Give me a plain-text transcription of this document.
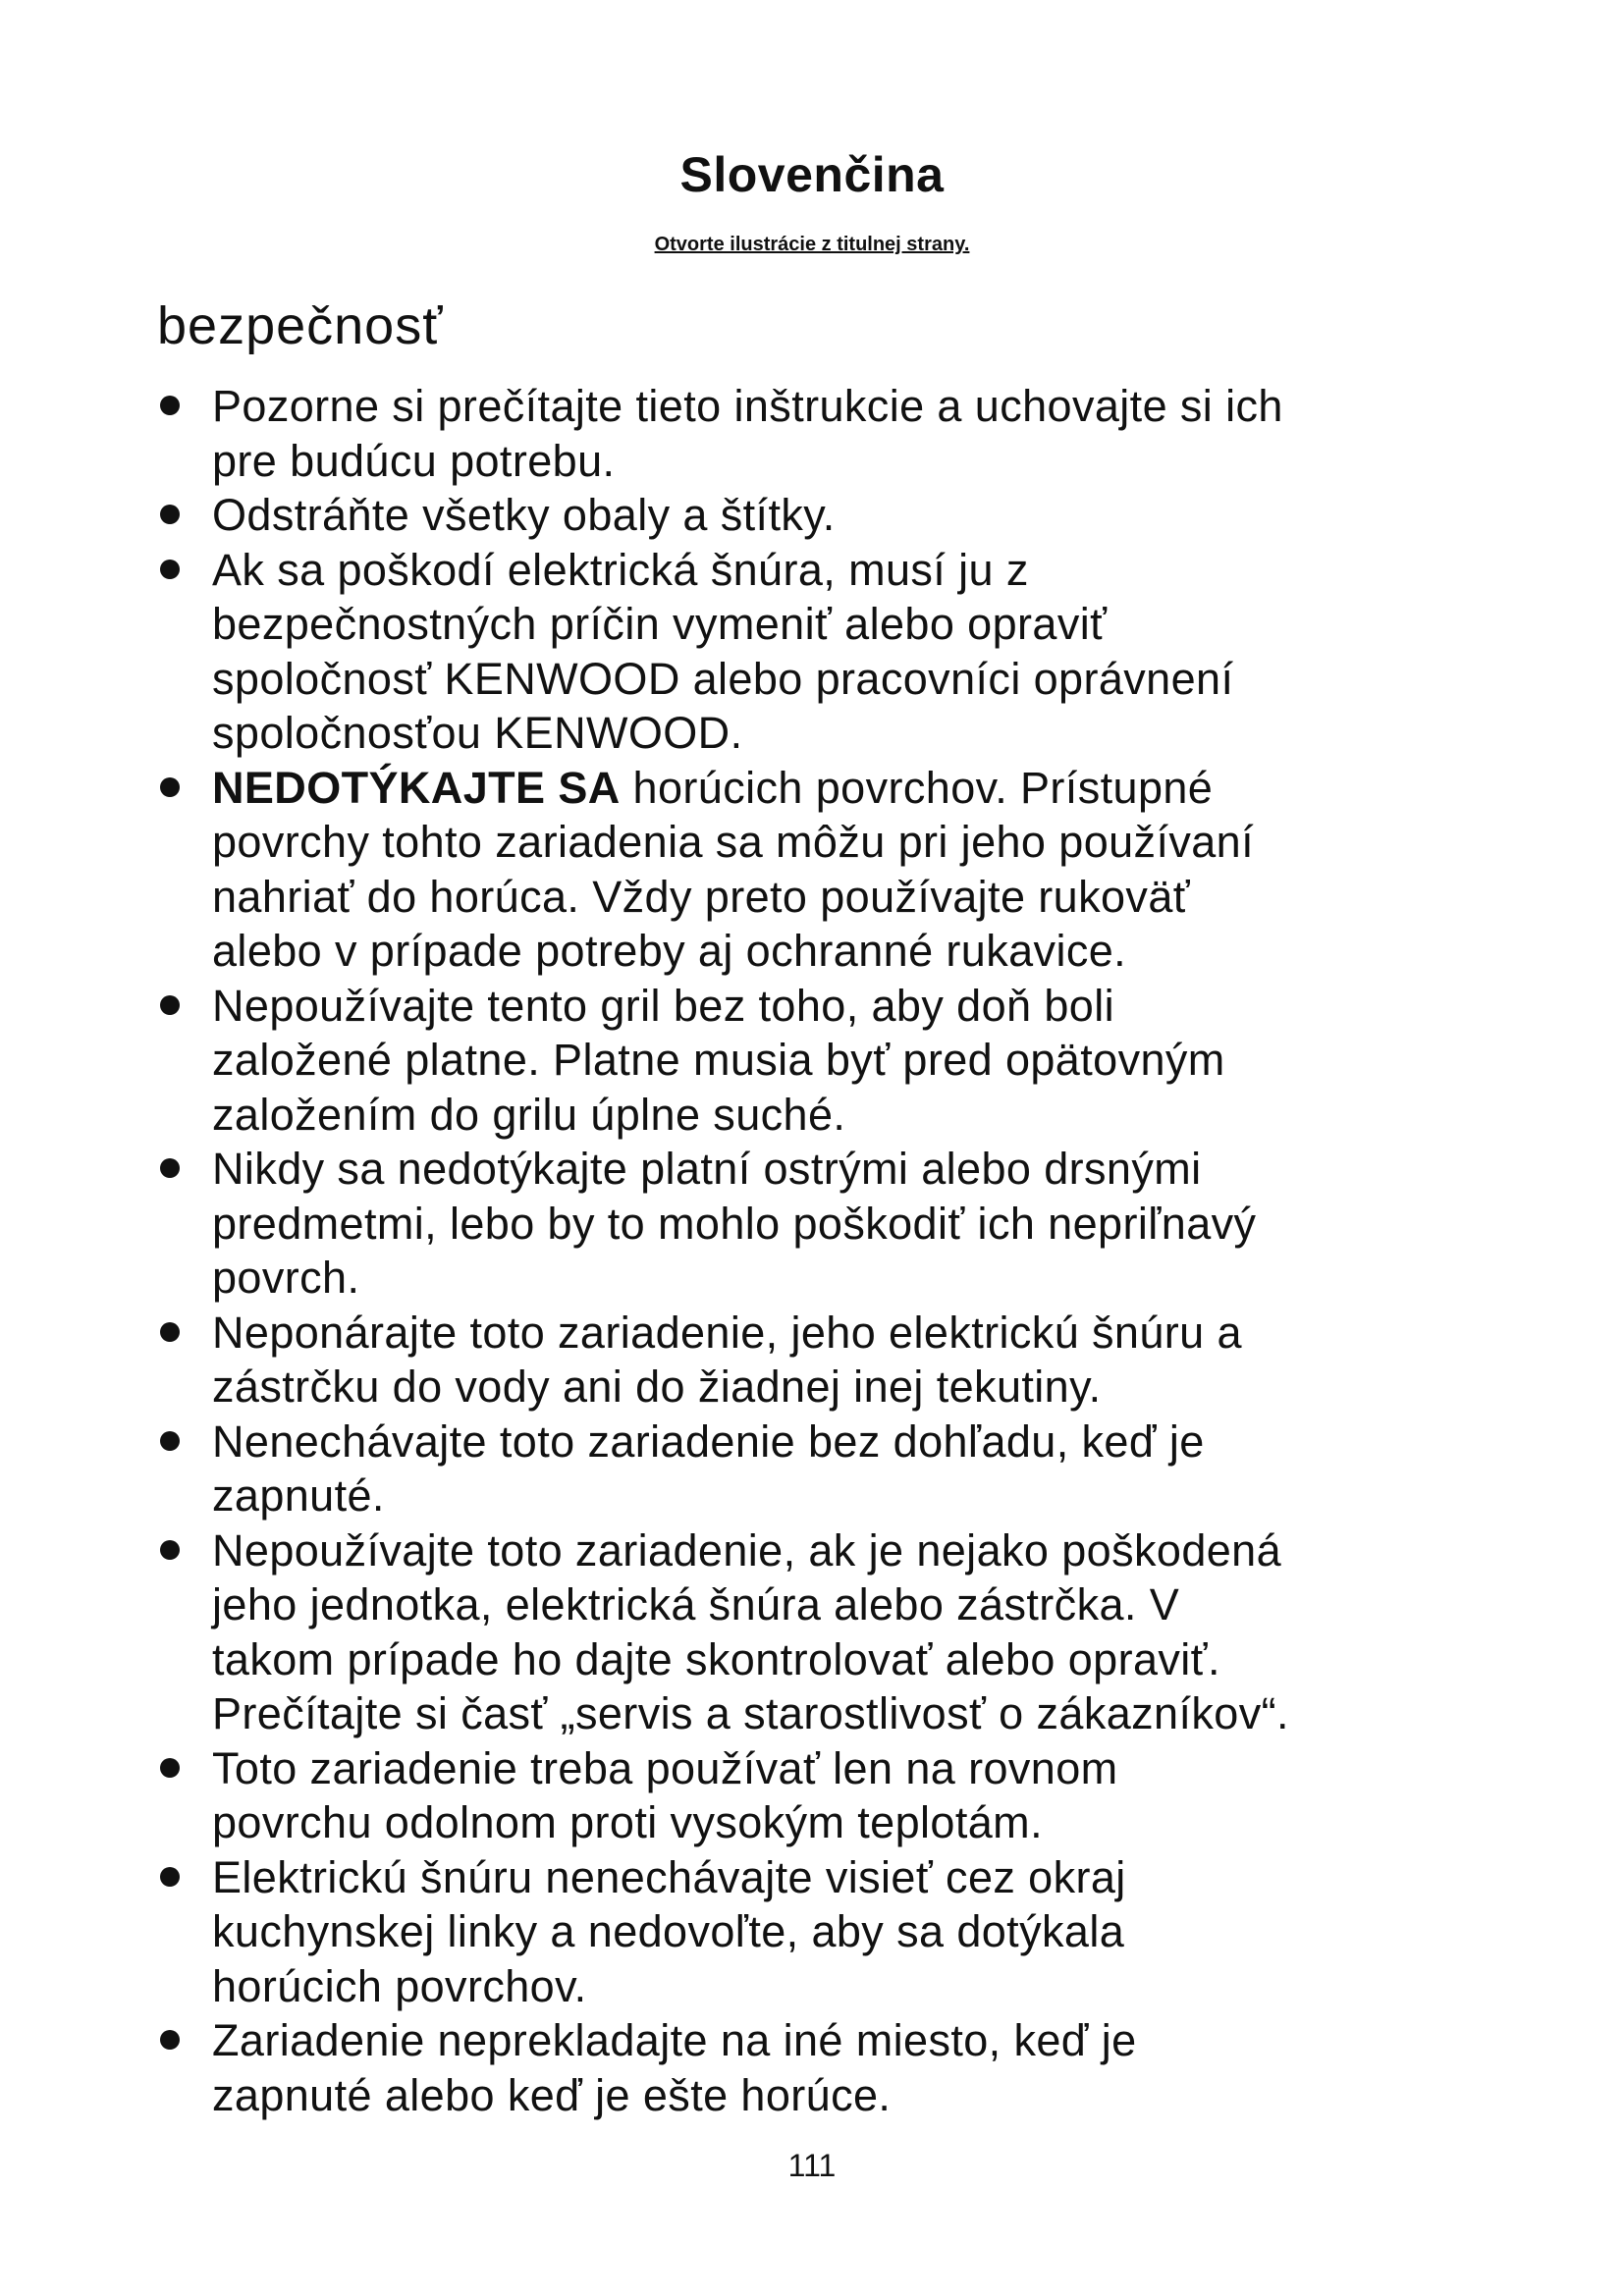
Slovenčina
Otvorte ilustrácie z titulnej strany.
bezpečnosť
Pozorne si prečítajte tieto inštrukcie a uchovajte si ich
pre budúcu potrebu.
Odstráňte všetky obaly a štítky.
Ak sa poškodí elektrická šnúra, musí ju z
bezpečnostných príčin vymeniť alebo opraviť
spoločnosť KENWOOD alebo pracovníci oprávnení
spoločnosťou KENWOOD.
NEDOTÝKAJTE SA horúcich povrchov. Prístupné
povrchy tohto zariadenia sa môžu pri jeho používaní
nahriať do horúca. Vždy preto používajte rukoväť
alebo v prípade potreby aj ochranné rukavice.
Nepoužívajte tento gril bez toho, aby doň boli
založené platne. Platne musia byť pred opätovným
založením do grilu úplne suché.
Nikdy sa nedotýkajte platní ostrými alebo drsnými
predmetmi, lebo by to mohlo poškodiť ich nepriľnavý
povrch.
Neponárajte toto zariadenie, jeho elektrickú šnúru a
zástrčku do vody ani do žiadnej inej tekutiny.
Nenechávajte toto zariadenie bez dohľadu, keď je
zapnuté.
Nepoužívajte toto zariadenie, ak je nejako poškodená
jeho jednotka, elektrická šnúra alebo zástrčka. V
takom prípade ho dajte skontrolovať alebo opraviť.
Prečítajte si časť „servis a starostlivosť o zákazníkov“.
Toto zariadenie treba používať len na rovnom
povrchu odolnom proti vysokým teplotám.
Elektrickú šnúru nenechávajte visieť cez okraj
kuchynskej linky a nedovoľte, aby sa dotýkala
horúcich povrchov.
Zariadenie neprekladajte na iné miesto, keď je
zapnuté alebo keď je ešte horúce.
111
